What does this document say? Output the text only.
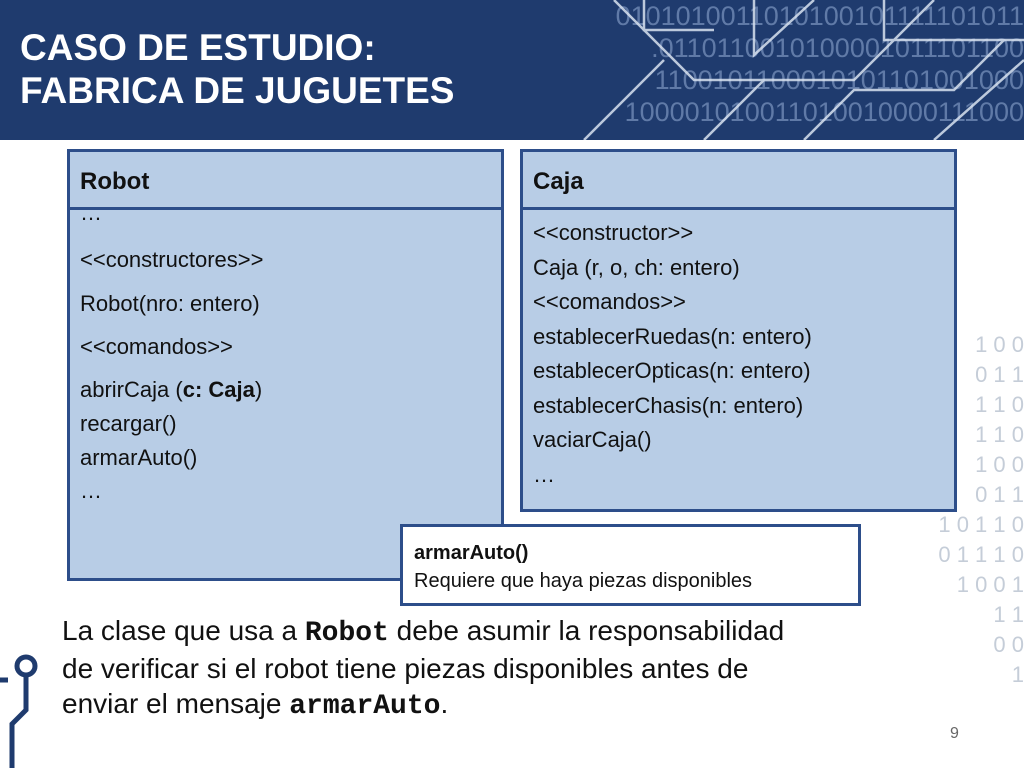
0101010011010100101111101011
.0110110010100001011101100
1100101100010101101001000
100001010011010010000111000
CASO DE ESTUDIO:
FABRICA DE JUGUETES
1 0 0
0 1 1
1 1 0
1 1 0
1 0 0
0 1 1
1 0 1 1 0
0 1 1 1 0
1 0 0 1
1 1
0 0
1
Robot
…
<<constructores>>
Robot(nro: entero)
<<comandos>>
abrirCaja (c: Caja)
recargar()
armarAuto()
…
Caja
<<constructor>>
Caja (r, o, ch: entero)
<<comandos>>
establecerRuedas(n: entero)
establecerOpticas(n: entero)
establecerChasis(n: entero)
vaciarCaja()
…
armarAuto()
Requiere que haya piezas disponibles
La clase que usa a Robot debe asumir la responsabilidad
de verificar si el robot tiene piezas disponibles antes de
enviar el mensaje armarAuto.
9
